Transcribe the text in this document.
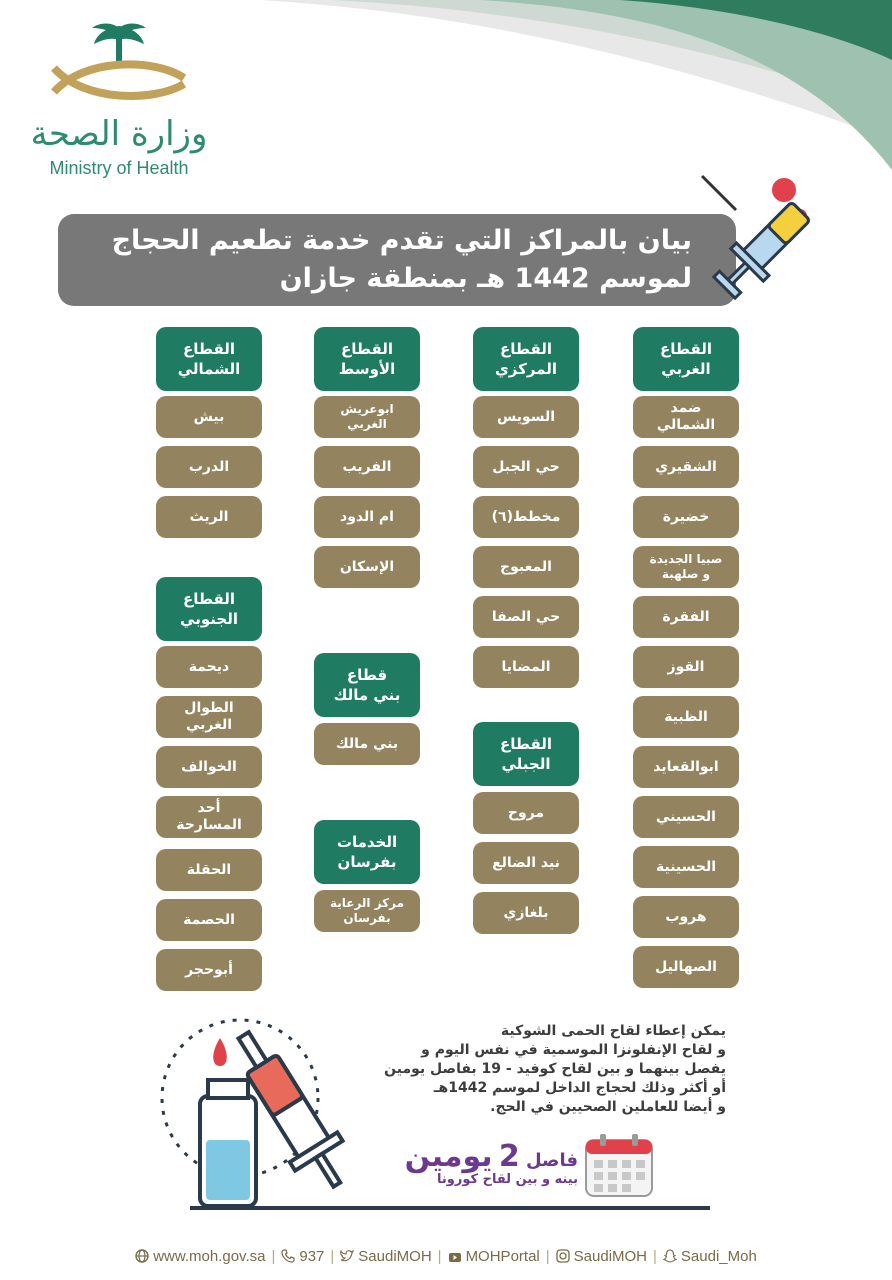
وزارة الصحة
Ministry of Health
بيان بالمراكز التي تقدم خدمة تطعيم الحجاج
لموسم 1442 هـ بمنطقة جازان
القطاع
الغربي
ضمد
الشمالي
الشقيري
خضيرة
صبيا الجديدة
و صلهبة
الفقرة
القوز
الظبية
ابوالقعايد
الحسيني
الحسينية
هروب
الصهاليل
القطاع
المركزي
السويس
حي الجبل
مخطط(٦)
المعبوج
حي الصفا
المضايا
القطاع
الجبلي
مروح
نيد الضالع
بلغازي
القطاع
الأوسط
ابوعريش
الغربي
الفريب
ام الدود
الإسكان
قطاع
بني مالك
بني مالك
الخدمات
بفرسان
مركز الرعاية
بفرسان
القطاع
الشمالي
بيش
الدرب
الريث
القطاع
الجنوبي
ديحمة
الطوال
الغربي
الخوالف
أحد
المسارحة
الحقلة
الحصمة
أبوحجر
يمكن إعطاء لقاح الحمى الشوكية
و لقاح الإنفلونزا الموسمية في نفس اليوم و
يفصل بينهما و بين لقاح كوفيد - 19 بفاصل يومين
أو أكثر وذلك لحجاج الداخل لموسم 1442هـ
و أيضا للعاملين الصحيين في الحج.
فاصل 2 يومين
بينه و بين لقاح كورونا
www.moh.gov.sa | 937 | SaudiMOH | MOHPortal | SaudiMOH | Saudi_Moh
